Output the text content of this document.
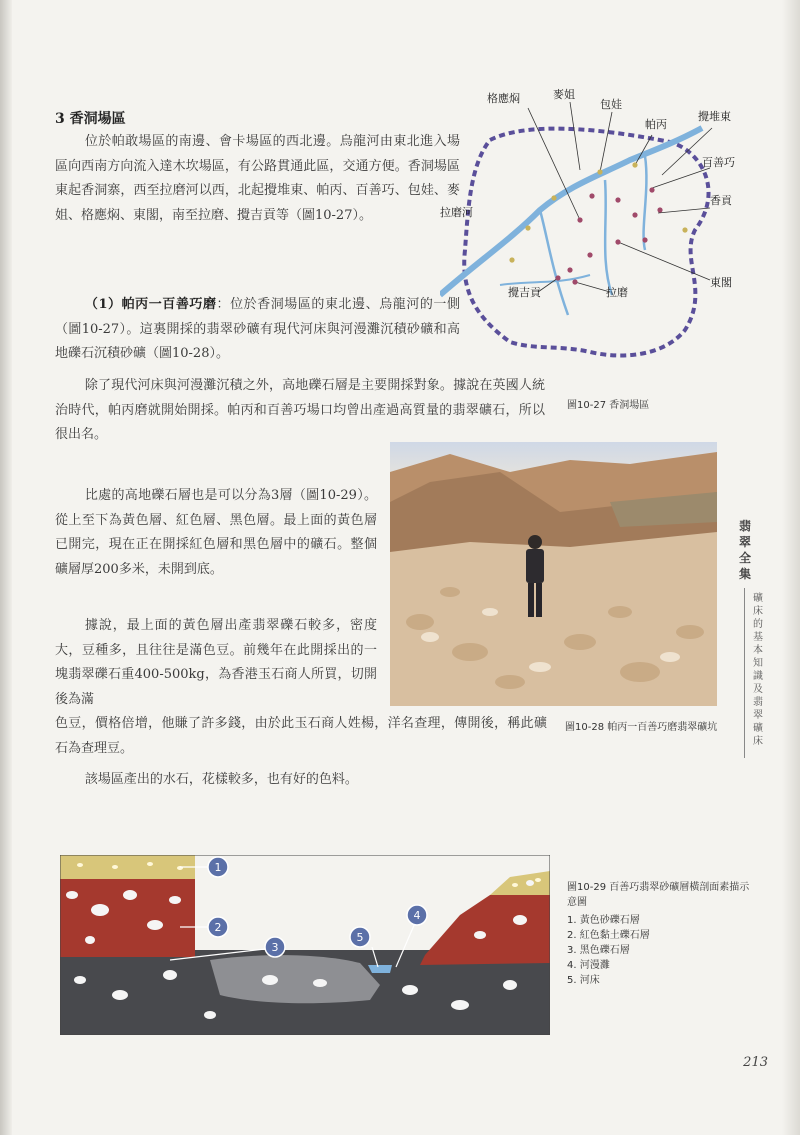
3 香洞場區

位於帕敢場區的南邊、會卡場區的西北邊。烏龍河由東北進入場區向西南方向流入達木坎場區，有公路貫通此區，交通方便。香洞場區東起香洞寨，西至拉磨河以西，北起攪堆東、帕丙、百善巧、包娃、麥姐、格應焖、東閣，南至拉磨、攪吉貢等（圖10-27）。

（1）帕丙一百善巧磨：位於香洞場區的東北邊、烏龍河的一側（圖10-27）。這裏開採的翡翠砂礦有現代河床與河漫灘沉積砂礦和高地礫石沉積砂礦（圖10-28）。

除了現代河床與河漫灘沉積之外，高地礫石層是主要開採對象。據說在英國人統治時代，帕丙磨就開始開採。帕丙和百善巧場口均曾出產過高質量的翡翠礦石，所以很出名。

比處的高地礫石層也是可以分為3層（圖10-29）。從上至下為黃色層、紅色層、黑色層。最上面的黃色層已開完，現在正在開採紅色層和黑色層中的礦石。整個礦層厚200多米，未開到底。

據說，最上面的黃色層出產翡翠礫石較多，密度大，豆種多，且往往是滿色豆。前幾年在此開採出的一塊翡翠礫石重400-500kg，為香港玉石商人所買，切開後為滿

色豆，價格倍增，他賺了許多錢，由於此玉石商人姓楊，洋名查理，傳開後，稱此礦石為查理豆。

該場區產出的水石，花樣較多，也有好的色料。

格應焖	麥姐
包娃
帕丙
攪堆東
百善巧
香貢
拉磨河
東閣
攪吉貢	拉磨
圖10-27 香洞場區
圖10-28 帕丙一百善巧磨翡翠礦坑
翡翠全集
礦床的基本知識及翡翠礦床
1
2
3
4
5
圖10-29 百善巧翡翠砂礦層橫剖面素描示意圖
1. 黃色砂礫石層
2. 紅色黏土礫石層
3. 黑色礫石層
4. 河漫灘
5. 河床
213
